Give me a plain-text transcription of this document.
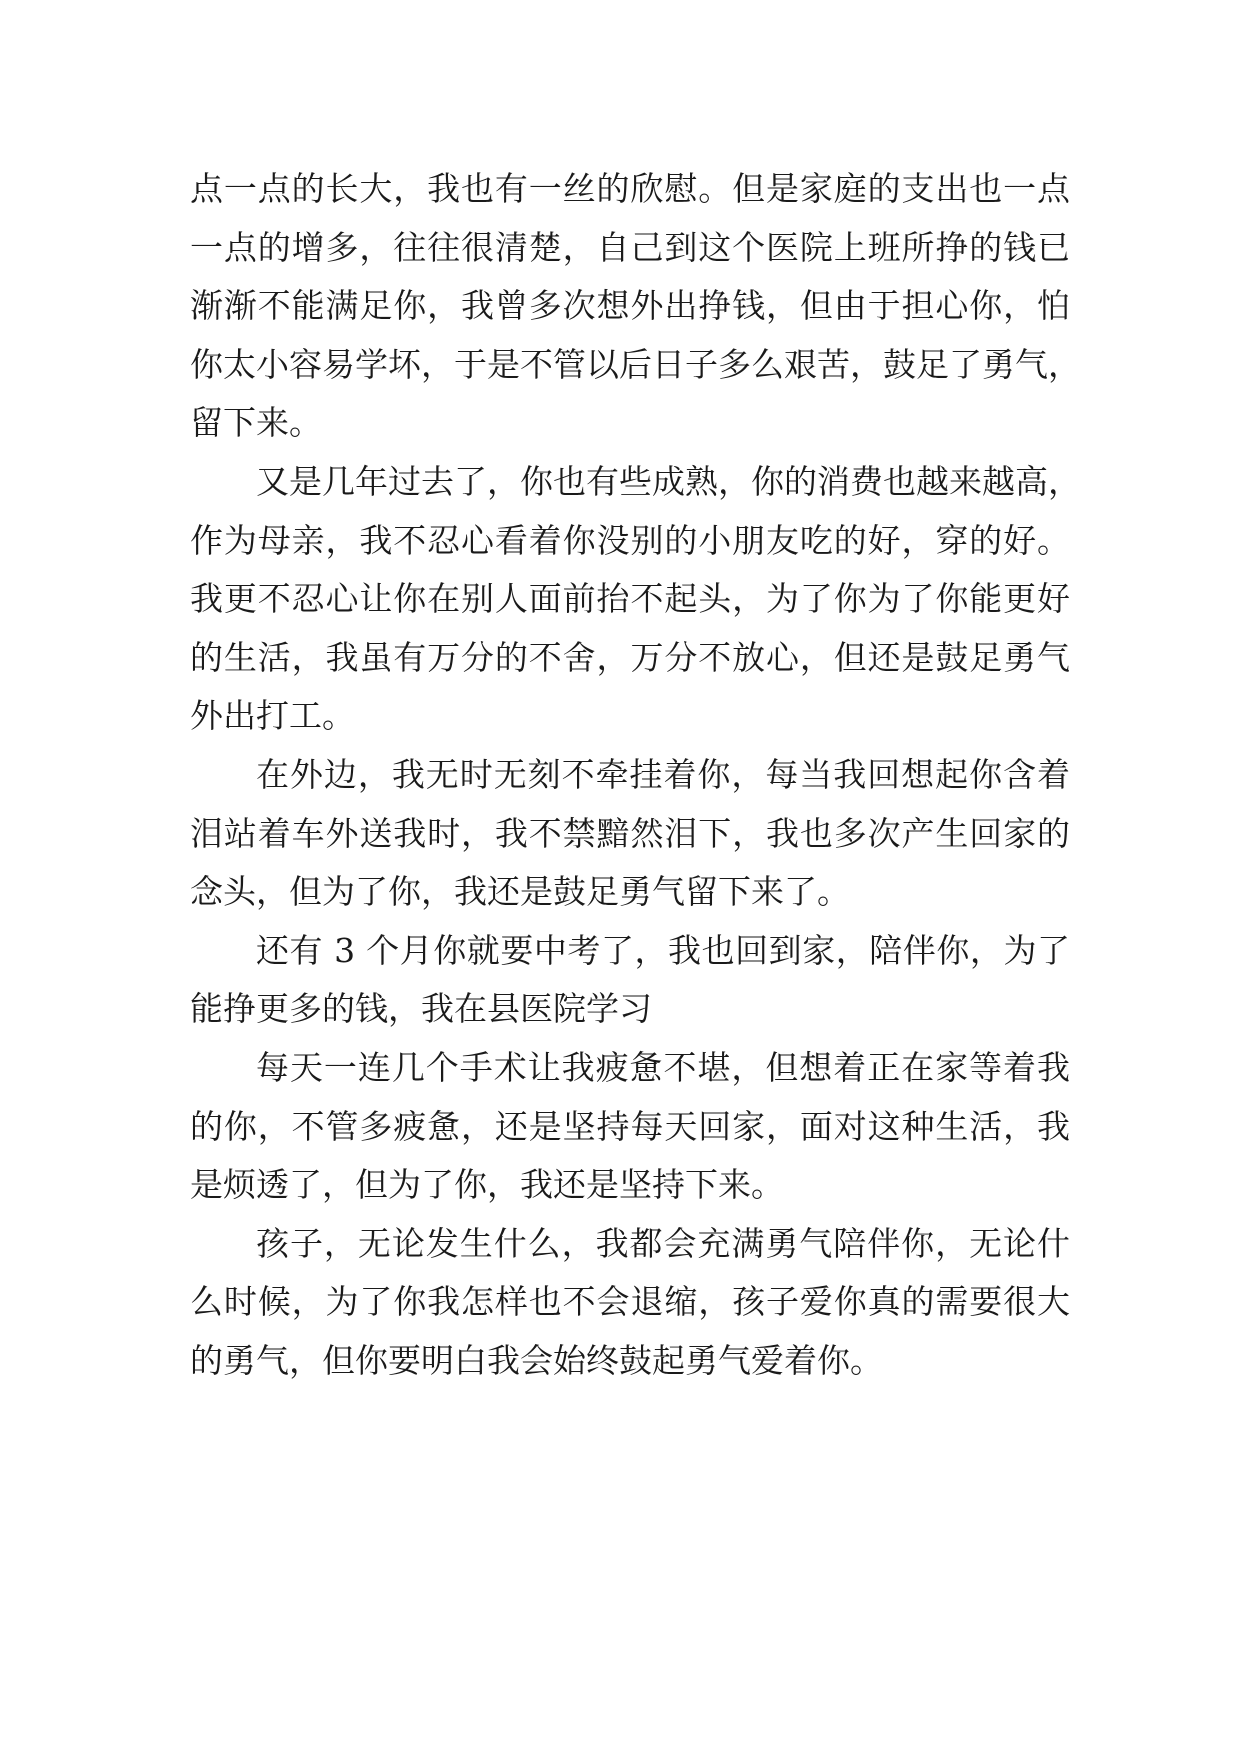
点一点的长大，我也有一丝的欣慰。但是家庭的支出也一点
一点的增多，往往很清楚，自己到这个医院上班所挣的钱已
渐渐不能满足你，我曾多次想外出挣钱，但由于担心你，怕
你太小容易学坏，于是不管以后日子多么艰苦，鼓足了勇气，
留下来。
又是几年过去了，你也有些成熟，你的消费也越来越高，
作为母亲，我不忍心看着你没别的小朋友吃的好，穿的好。
我更不忍心让你在别人面前抬不起头，为了你为了你能更好
的生活，我虽有万分的不舍，万分不放心，但还是鼓足勇气
外出打工。
在外边，我无时无刻不牵挂着你，每当我回想起你含着
泪站着车外送我时，我不禁黯然泪下，我也多次产生回家的
念头，但为了你，我还是鼓足勇气留下来了。
还有 3 个月你就要中考了，我也回到家，陪伴你，为了
能挣更多的钱，我在县医院学习
每天一连几个手术让我疲惫不堪，但想着正在家等着我
的你，不管多疲惫，还是坚持每天回家，面对这种生活，我
是烦透了，但为了你，我还是坚持下来。
孩子，无论发生什么，我都会充满勇气陪伴你，无论什
么时候，为了你我怎样也不会退缩，孩子爱你真的需要很大
的勇气，但你要明白我会始终鼓起勇气爱着你。
